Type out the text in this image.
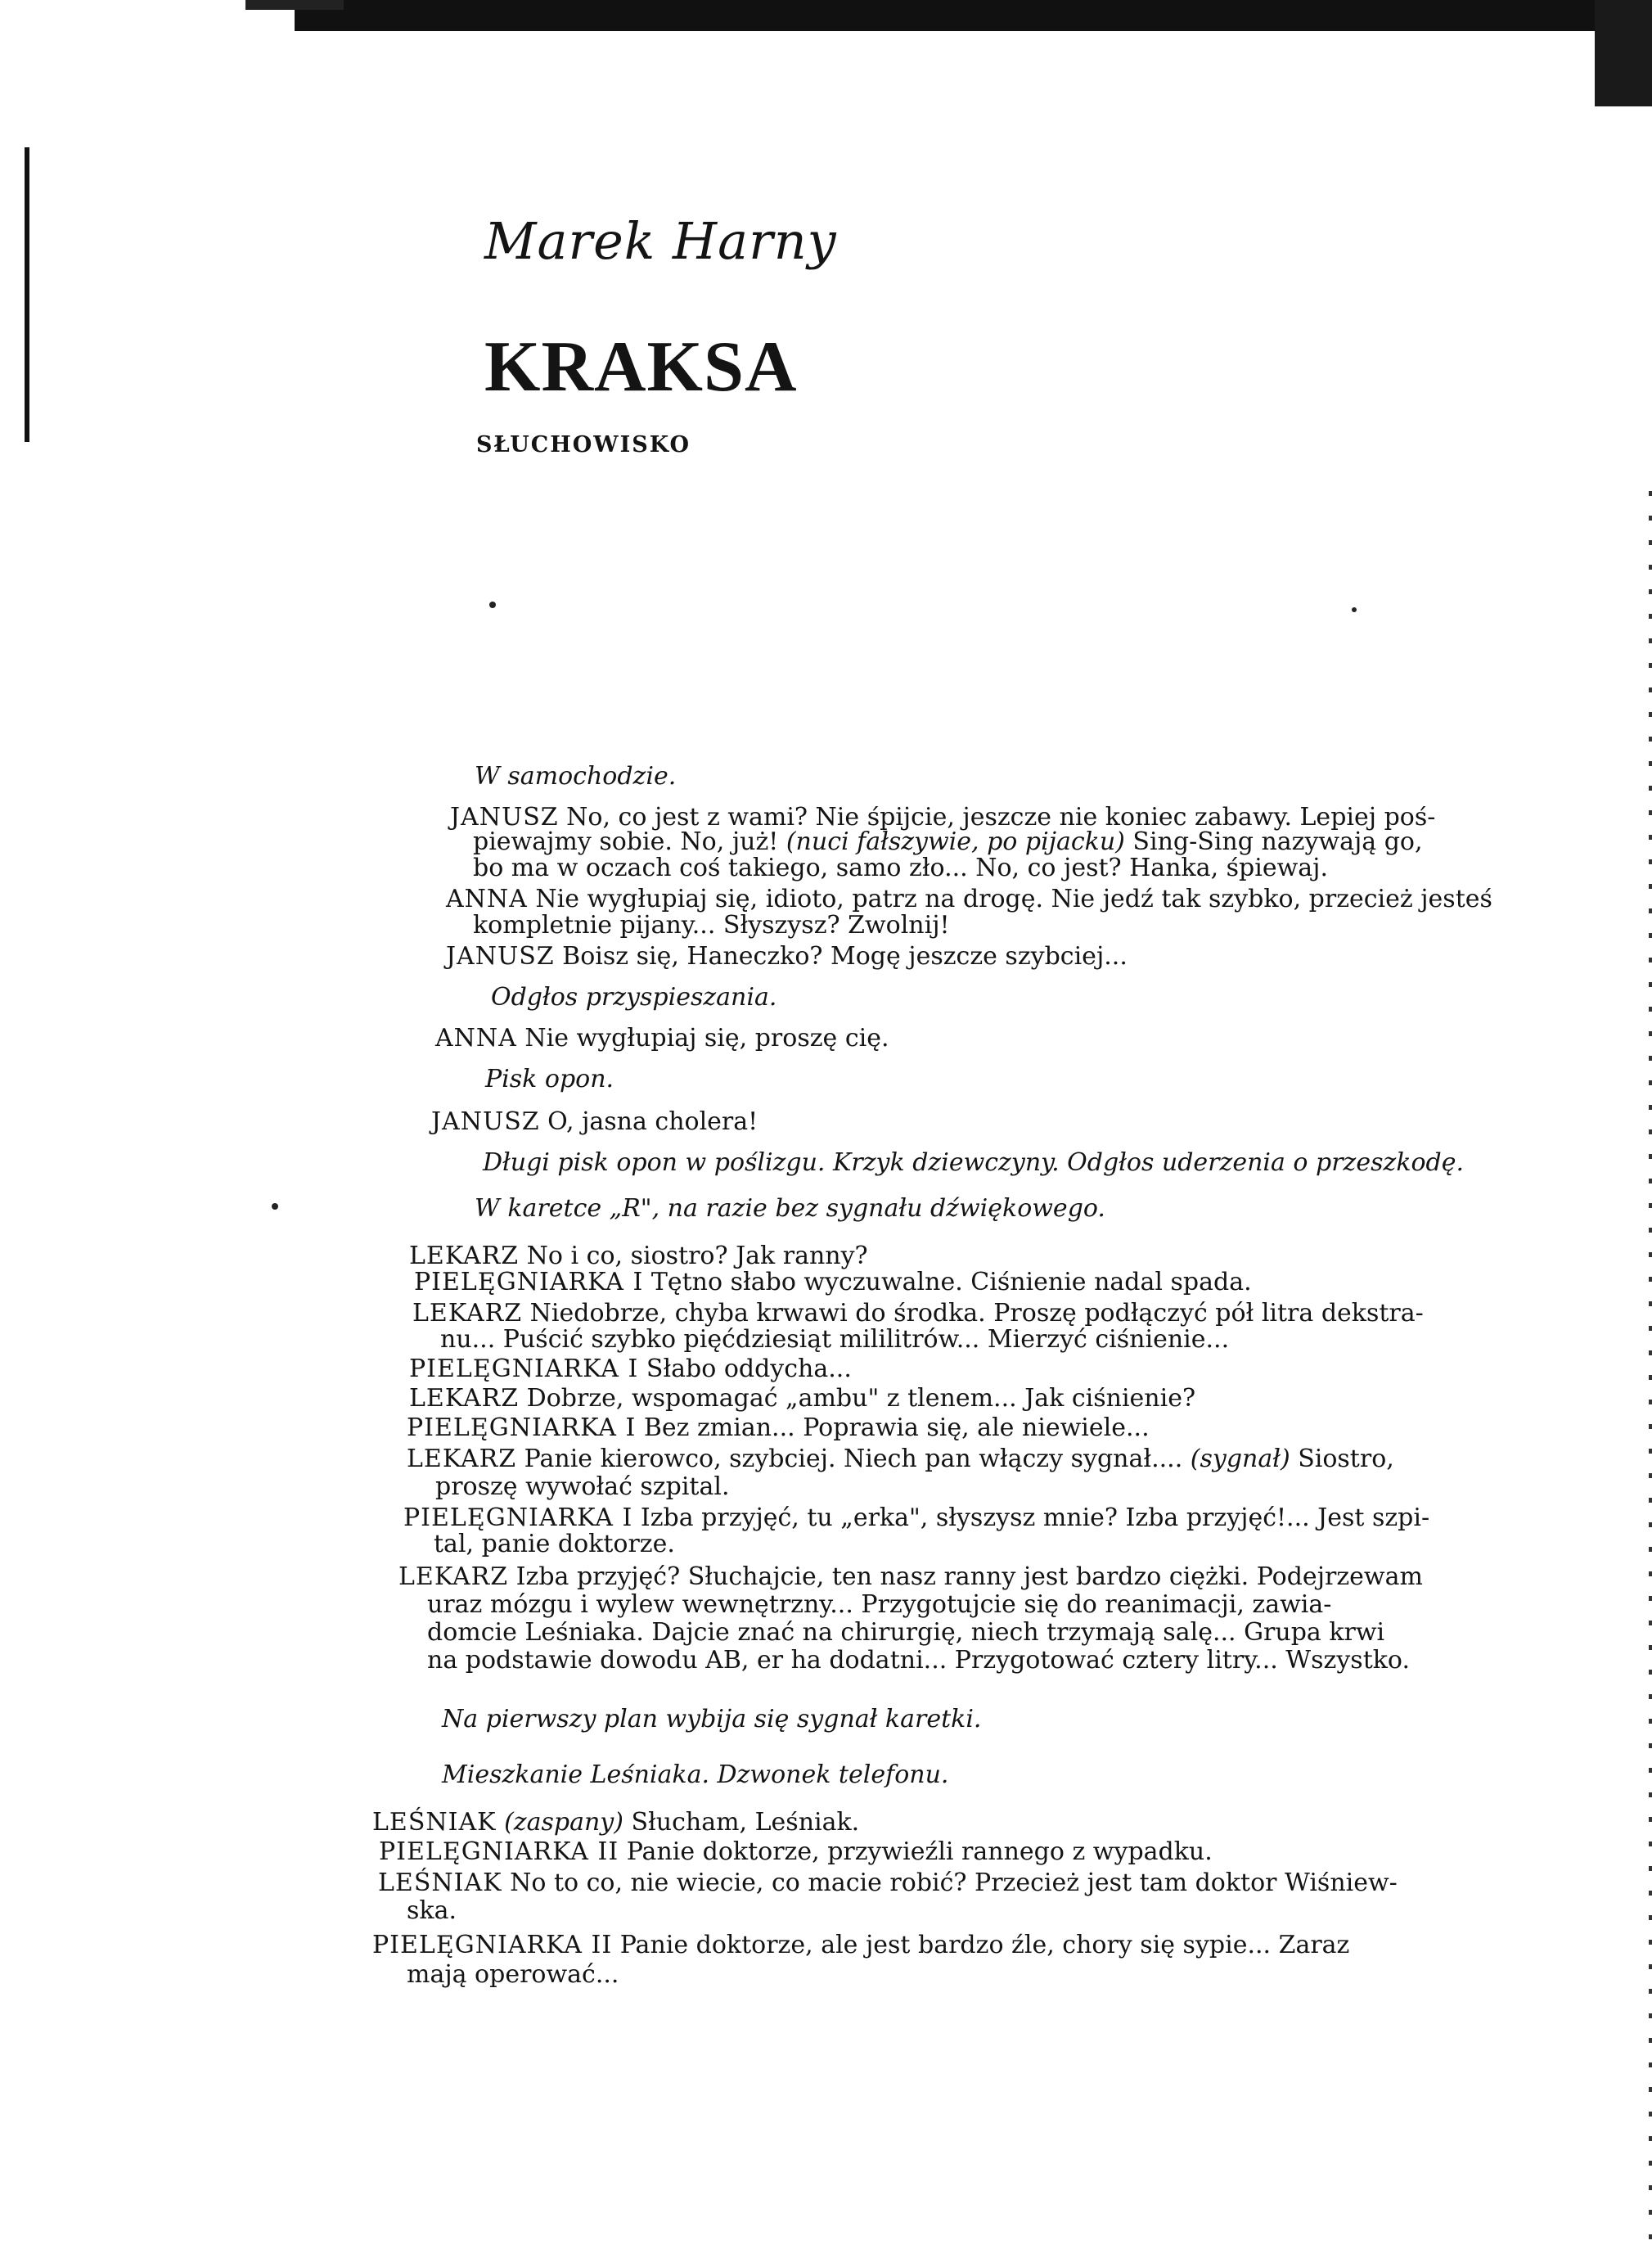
Marek Harny
KRAKSA
SŁUCHOWISKO
W samochodzie.
JANUSZ No, co jest z wami? Nie śpijcie, jeszcze nie koniec zabawy. Lepiej poś-
piewajmy sobie. No, już! (nuci fałszywie, po pijacku) Sing-Sing nazywają go,
bo ma w oczach coś takiego, samo zło... No, co jest? Hanka, śpiewaj.
ANNA Nie wygłupiaj się, idioto, patrz na drogę. Nie jedź tak szybko, przecież jesteś
kompletnie pijany... Słyszysz? Zwolnij!
JANUSZ Boisz się, Haneczko? Mogę jeszcze szybciej...
Odgłos przyspieszania.
ANNA Nie wygłupiaj się, proszę cię.
Pisk opon.
JANUSZ O, jasna cholera!
Długi pisk opon w poślizgu. Krzyk dziewczyny. Odgłos uderzenia o przeszkodę.
W karetce „R", na razie bez sygnału dźwiękowego.
LEKARZ No i co, siostro? Jak ranny?
PIELĘGNIARKA I Tętno słabo wyczuwalne. Ciśnienie nadal spada.
LEKARZ Niedobrze, chyba krwawi do środka. Proszę podłączyć pół litra dekstra-
nu... Puścić szybko pięćdziesiąt mililitrów... Mierzyć ciśnienie...
PIELĘGNIARKA I Słabo oddycha...
LEKARZ Dobrze, wspomagać „ambu" z tlenem... Jak ciśnienie?
PIELĘGNIARKA I Bez zmian... Poprawia się, ale niewiele...
LEKARZ Panie kierowco, szybciej. Niech pan włączy sygnał.... (sygnał) Siostro,
proszę wywołać szpital.
PIELĘGNIARKA I Izba przyjęć, tu „erka", słyszysz mnie? Izba przyjęć!... Jest szpi-
tal, panie doktorze.
LEKARZ Izba przyjęć? Słuchajcie, ten nasz ranny jest bardzo ciężki. Podejrzewam
uraz mózgu i wylew wewnętrzny... Przygotujcie się do reanimacji, zawia-
domcie Leśniaka. Dajcie znać na chirurgię, niech trzymają salę... Grupa krwi
na podstawie dowodu AB, er ha dodatni... Przygotować cztery litry... Wszystko.
Na pierwszy plan wybija się sygnał karetki.
Mieszkanie Leśniaka. Dzwonek telefonu.
LEŚNIAK (zaspany) Słucham, Leśniak.
PIELĘGNIARKA II Panie doktorze, przywieźli rannego z wypadku.
LEŚNIAK No to co, nie wiecie, co macie robić? Przecież jest tam doktor Wiśniew-
ska.
PIELĘGNIARKA II Panie doktorze, ale jest bardzo źle, chory się sypie... Zaraz
mają operować...
